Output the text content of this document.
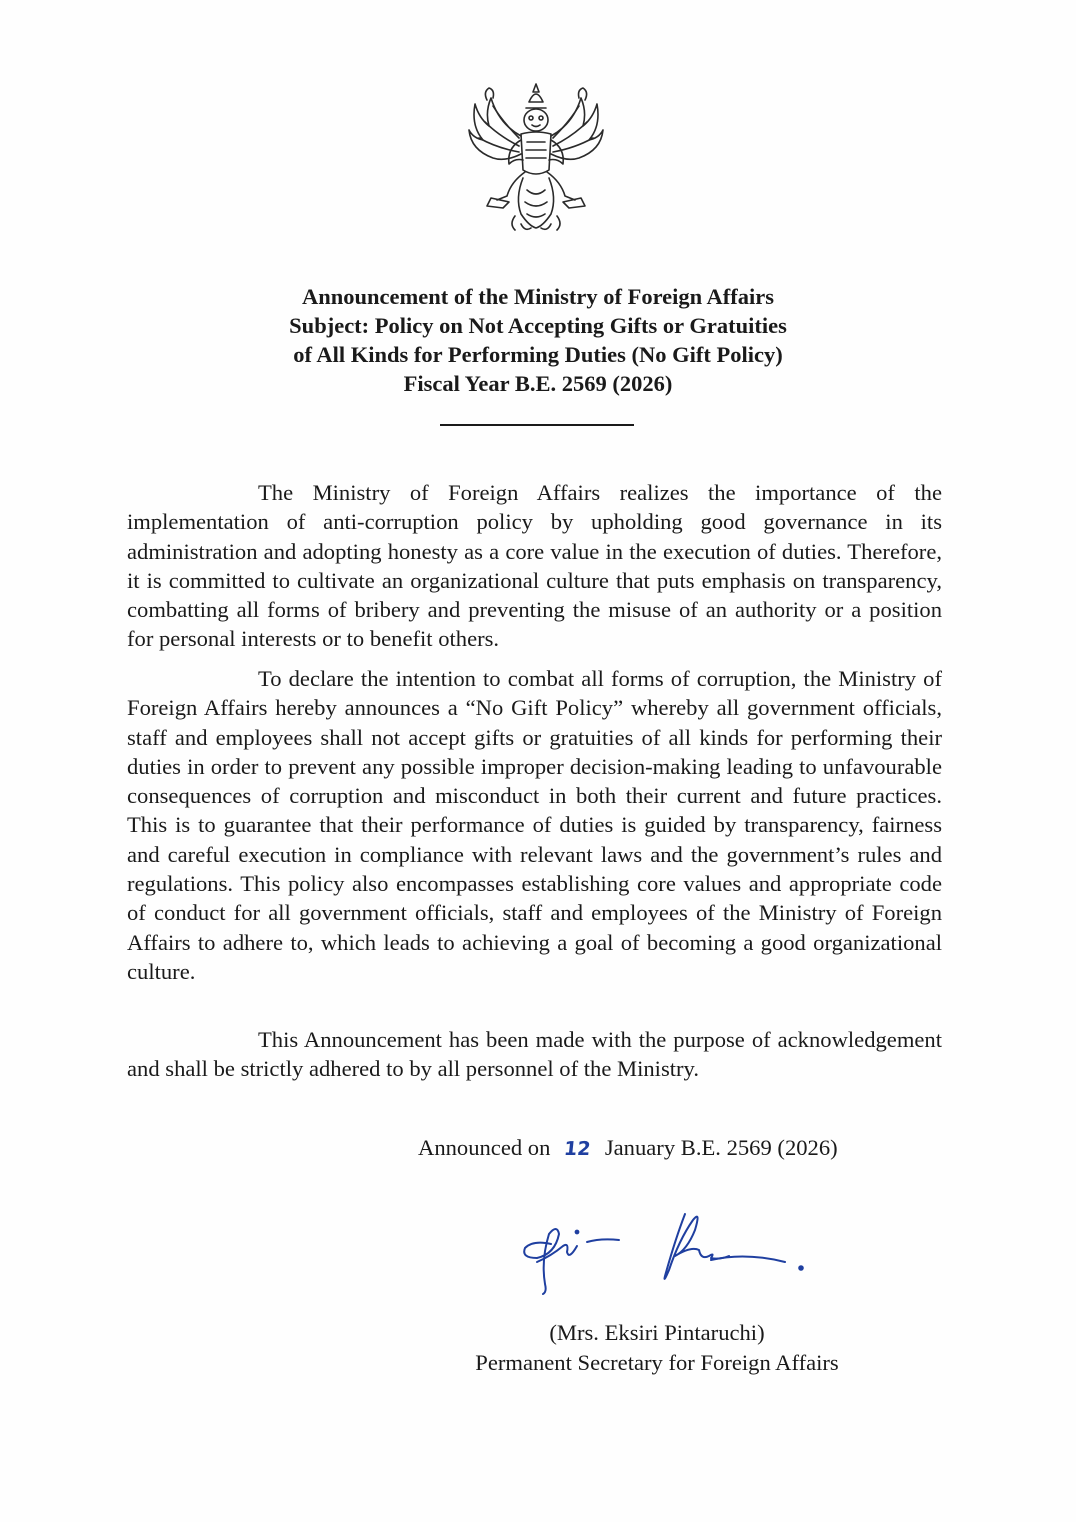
Announcement of the Ministry of Foreign Affairs
Subject: Policy on Not Accepting Gifts or Gratuities
of All Kinds for Performing Duties (No Gift Policy)
Fiscal Year B.E. 2569 (2026)

The Ministry of Foreign Affairs realizes the importance of the implementation of anti-corruption policy by upholding good governance in its administration and adopting honesty as a core value in the execution of duties. Therefore, it is committed to cultivate an organizational culture that puts emphasis on transparency, combatting all forms of bribery and preventing the misuse of an authority or a position for personal interests or to benefit others.

To declare the intention to combat all forms of corruption, the Ministry of Foreign Affairs hereby announces a “No Gift Policy” whereby all government officials, staff and employees shall not accept gifts or gratuities of all kinds for performing their duties in order to prevent any possible improper decision-making leading to unfavourable consequences of corruption and misconduct in both their current and future practices. This is to guarantee that their performance of duties is guided by transparency, fairness and careful execution in compliance with relevant laws and the government’s rules and regulations. This policy also encompasses establishing core values and appropriate code of conduct for all government officials, staff and employees of the Ministry of Foreign Affairs to adhere to, which leads to achieving a goal of becoming a good organizational culture.

This Announcement has been made with the purpose of acknowledgement and shall be strictly adhered to by all personnel of the Ministry.

Announced on 12 January B.E. 2569 (2026)
(Mrs. Eksiri Pintaruchi)
Permanent Secretary for Foreign Affairs
